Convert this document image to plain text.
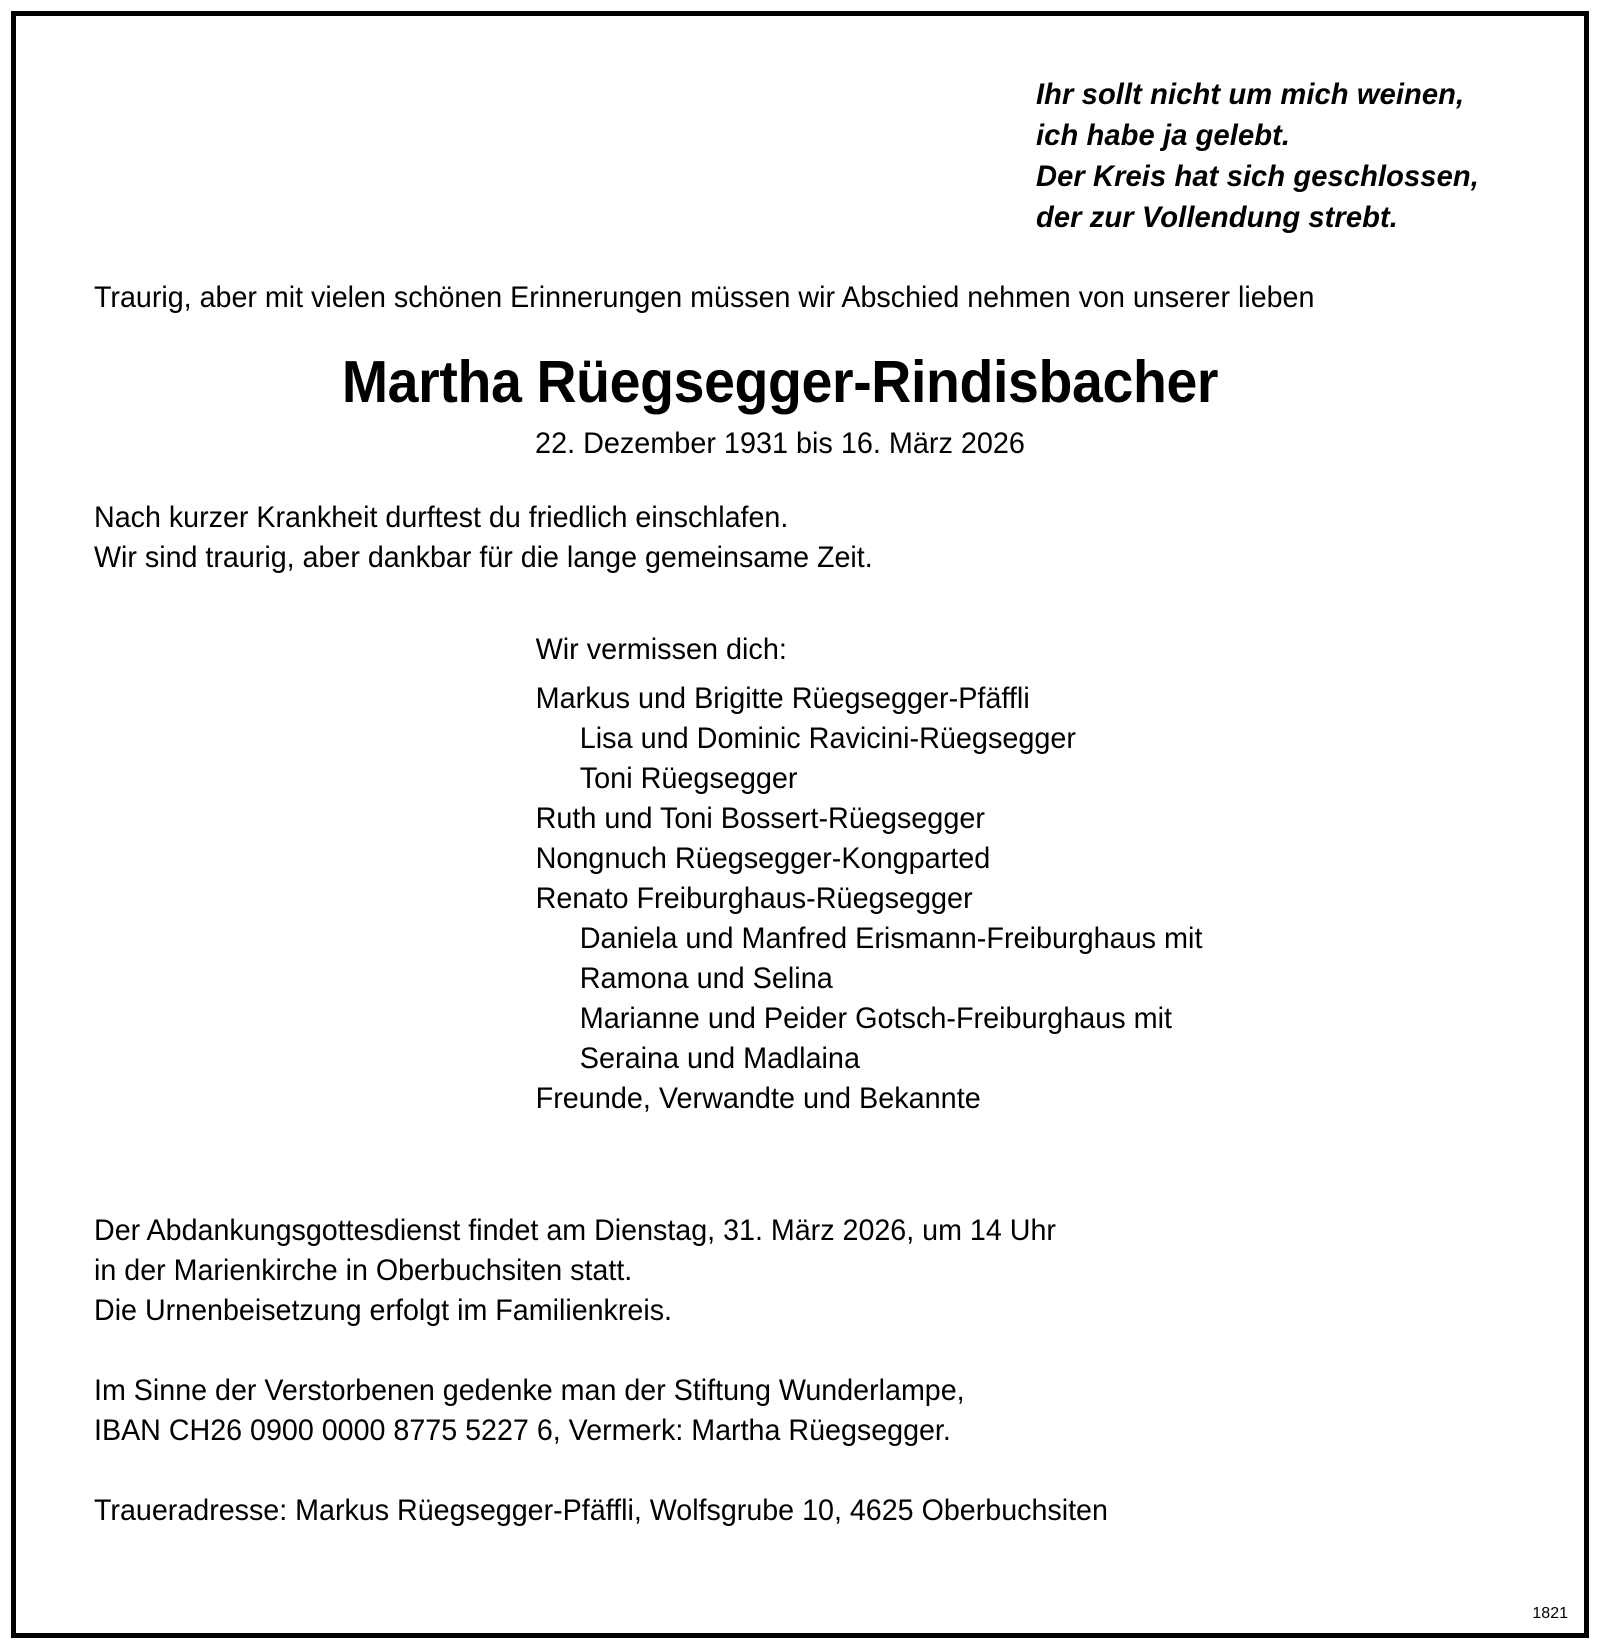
Ihr sollt nicht um mich weinen,
ich habe ja gelebt.
Der Kreis hat sich geschlossen,
der zur Vollendung strebt.
Traurig, aber mit vielen schönen Erinnerungen müssen wir Abschied nehmen von unserer lieben
Martha Rüegsegger-Rindisbacher
22. Dezember 1931 bis 16. März 2026
Nach kurzer Krankheit durftest du friedlich einschlafen.
Wir sind traurig, aber dankbar für die lange gemeinsame Zeit.
Wir vermissen dich:
Markus und Brigitte Rüegsegger-Pfäffli
Lisa und Dominic Ravicini-Rüegsegger
Toni Rüegsegger
Ruth und Toni Bossert-Rüegsegger
Nongnuch Rüegsegger-Kongparted
Renato Freiburghaus-Rüegsegger
Daniela und Manfred Erismann-Freiburghaus mit
Ramona und Selina
Marianne und Peider Gotsch-Freiburghaus mit
Seraina und Madlaina
Freunde, Verwandte und Bekannte
Der Abdankungsgottesdienst findet am Dienstag, 31. März 2026, um 14 Uhr
in der Marienkirche in Oberbuchsiten statt.
Die Urnenbeisetzung erfolgt im Familienkreis.
Im Sinne der Verstorbenen gedenke man der Stiftung Wunderlampe,
IBAN CH26 0900 0000 8775 5227 6, Vermerk: Martha Rüegsegger.
Traueradresse: Markus Rüegsegger-Pfäffli, Wolfsgrube 10, 4625 Oberbuchsiten
1821
